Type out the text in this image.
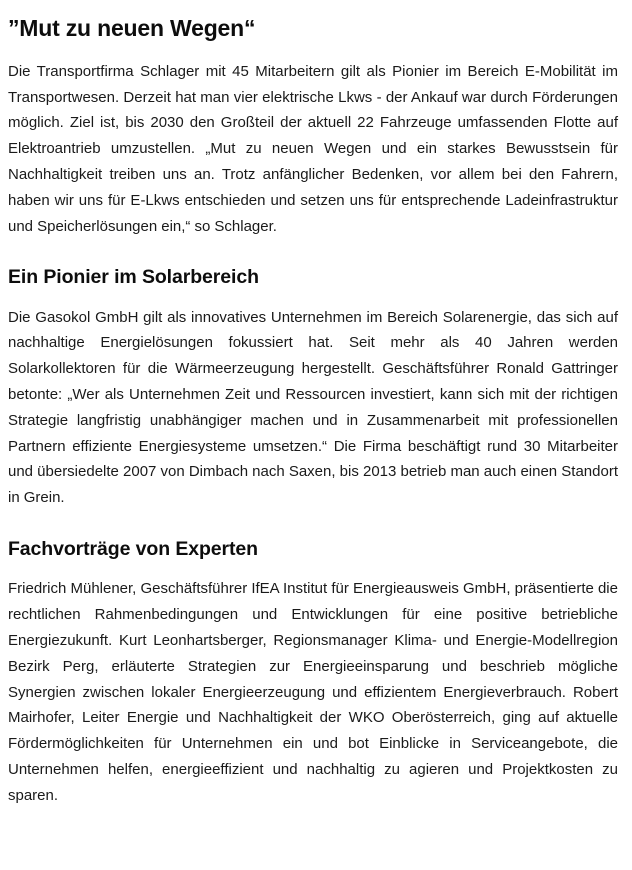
”Mut zu neuen Wegen“

Die Transportfirma Schlager mit 45 Mitarbeitern gilt als Pionier im Bereich E-Mobilität im Transportwesen. Derzeit hat man vier elektrische Lkws - der Ankauf war durch Förderungen möglich. Ziel ist, bis 2030 den Großteil der aktuell 22 Fahrzeuge umfassenden Flotte auf Elektroantrieb umzustellen. „Mut zu neuen Wegen und ein starkes Bewusstsein für Nachhaltigkeit treiben uns an. Trotz anfänglicher Bedenken, vor allem bei den Fahrern, haben wir uns für E-Lkws entschieden und setzen uns für entsprechende Ladeinfrastruktur und Speicherlösungen ein,“ so Schlager.

Ein Pionier im Solarbereich

Die Gasokol GmbH gilt als innovatives Unternehmen im Bereich Solarenergie, das sich auf nachhaltige Energielösungen fokussiert hat. Seit mehr als 40 Jahren werden Solarkollektoren für die Wärmeerzeugung hergestellt. Geschäftsführer Ronald Gattringer betonte: „Wer als Unternehmen Zeit und Ressourcen investiert, kann sich mit der richtigen Strategie langfristig unabhängiger machen und in Zusammenarbeit mit professionellen Partnern effiziente Energiesysteme umsetzen.“ Die Firma beschäftigt rund 30 Mitarbeiter und übersiedelte 2007 von Dimbach nach Saxen, bis 2013 betrieb man auch einen Standort in Grein.

Fachvorträge von Experten

Friedrich Mühlener, Geschäftsführer IfEA Institut für Energieausweis GmbH, präsentierte die rechtlichen Rahmenbedingungen und Entwicklungen für eine positive betriebliche Energiezukunft. Kurt Leonhartsberger, Regionsmanager Klima- und Energie-Modellregion Bezirk Perg, erläuterte Strategien zur Energieeinsparung und beschrieb mögliche Synergien zwischen lokaler Energieerzeugung und effizientem Energieverbrauch. Robert Mairhofer, Leiter Energie und Nachhaltigkeit der WKO Oberösterreich, ging auf aktuelle Fördermöglichkeiten für Unternehmen ein und bot Einblicke in Serviceangebote, die Unternehmen helfen, energieeffizient und nachhaltig zu agieren und Projektkosten zu sparen.
